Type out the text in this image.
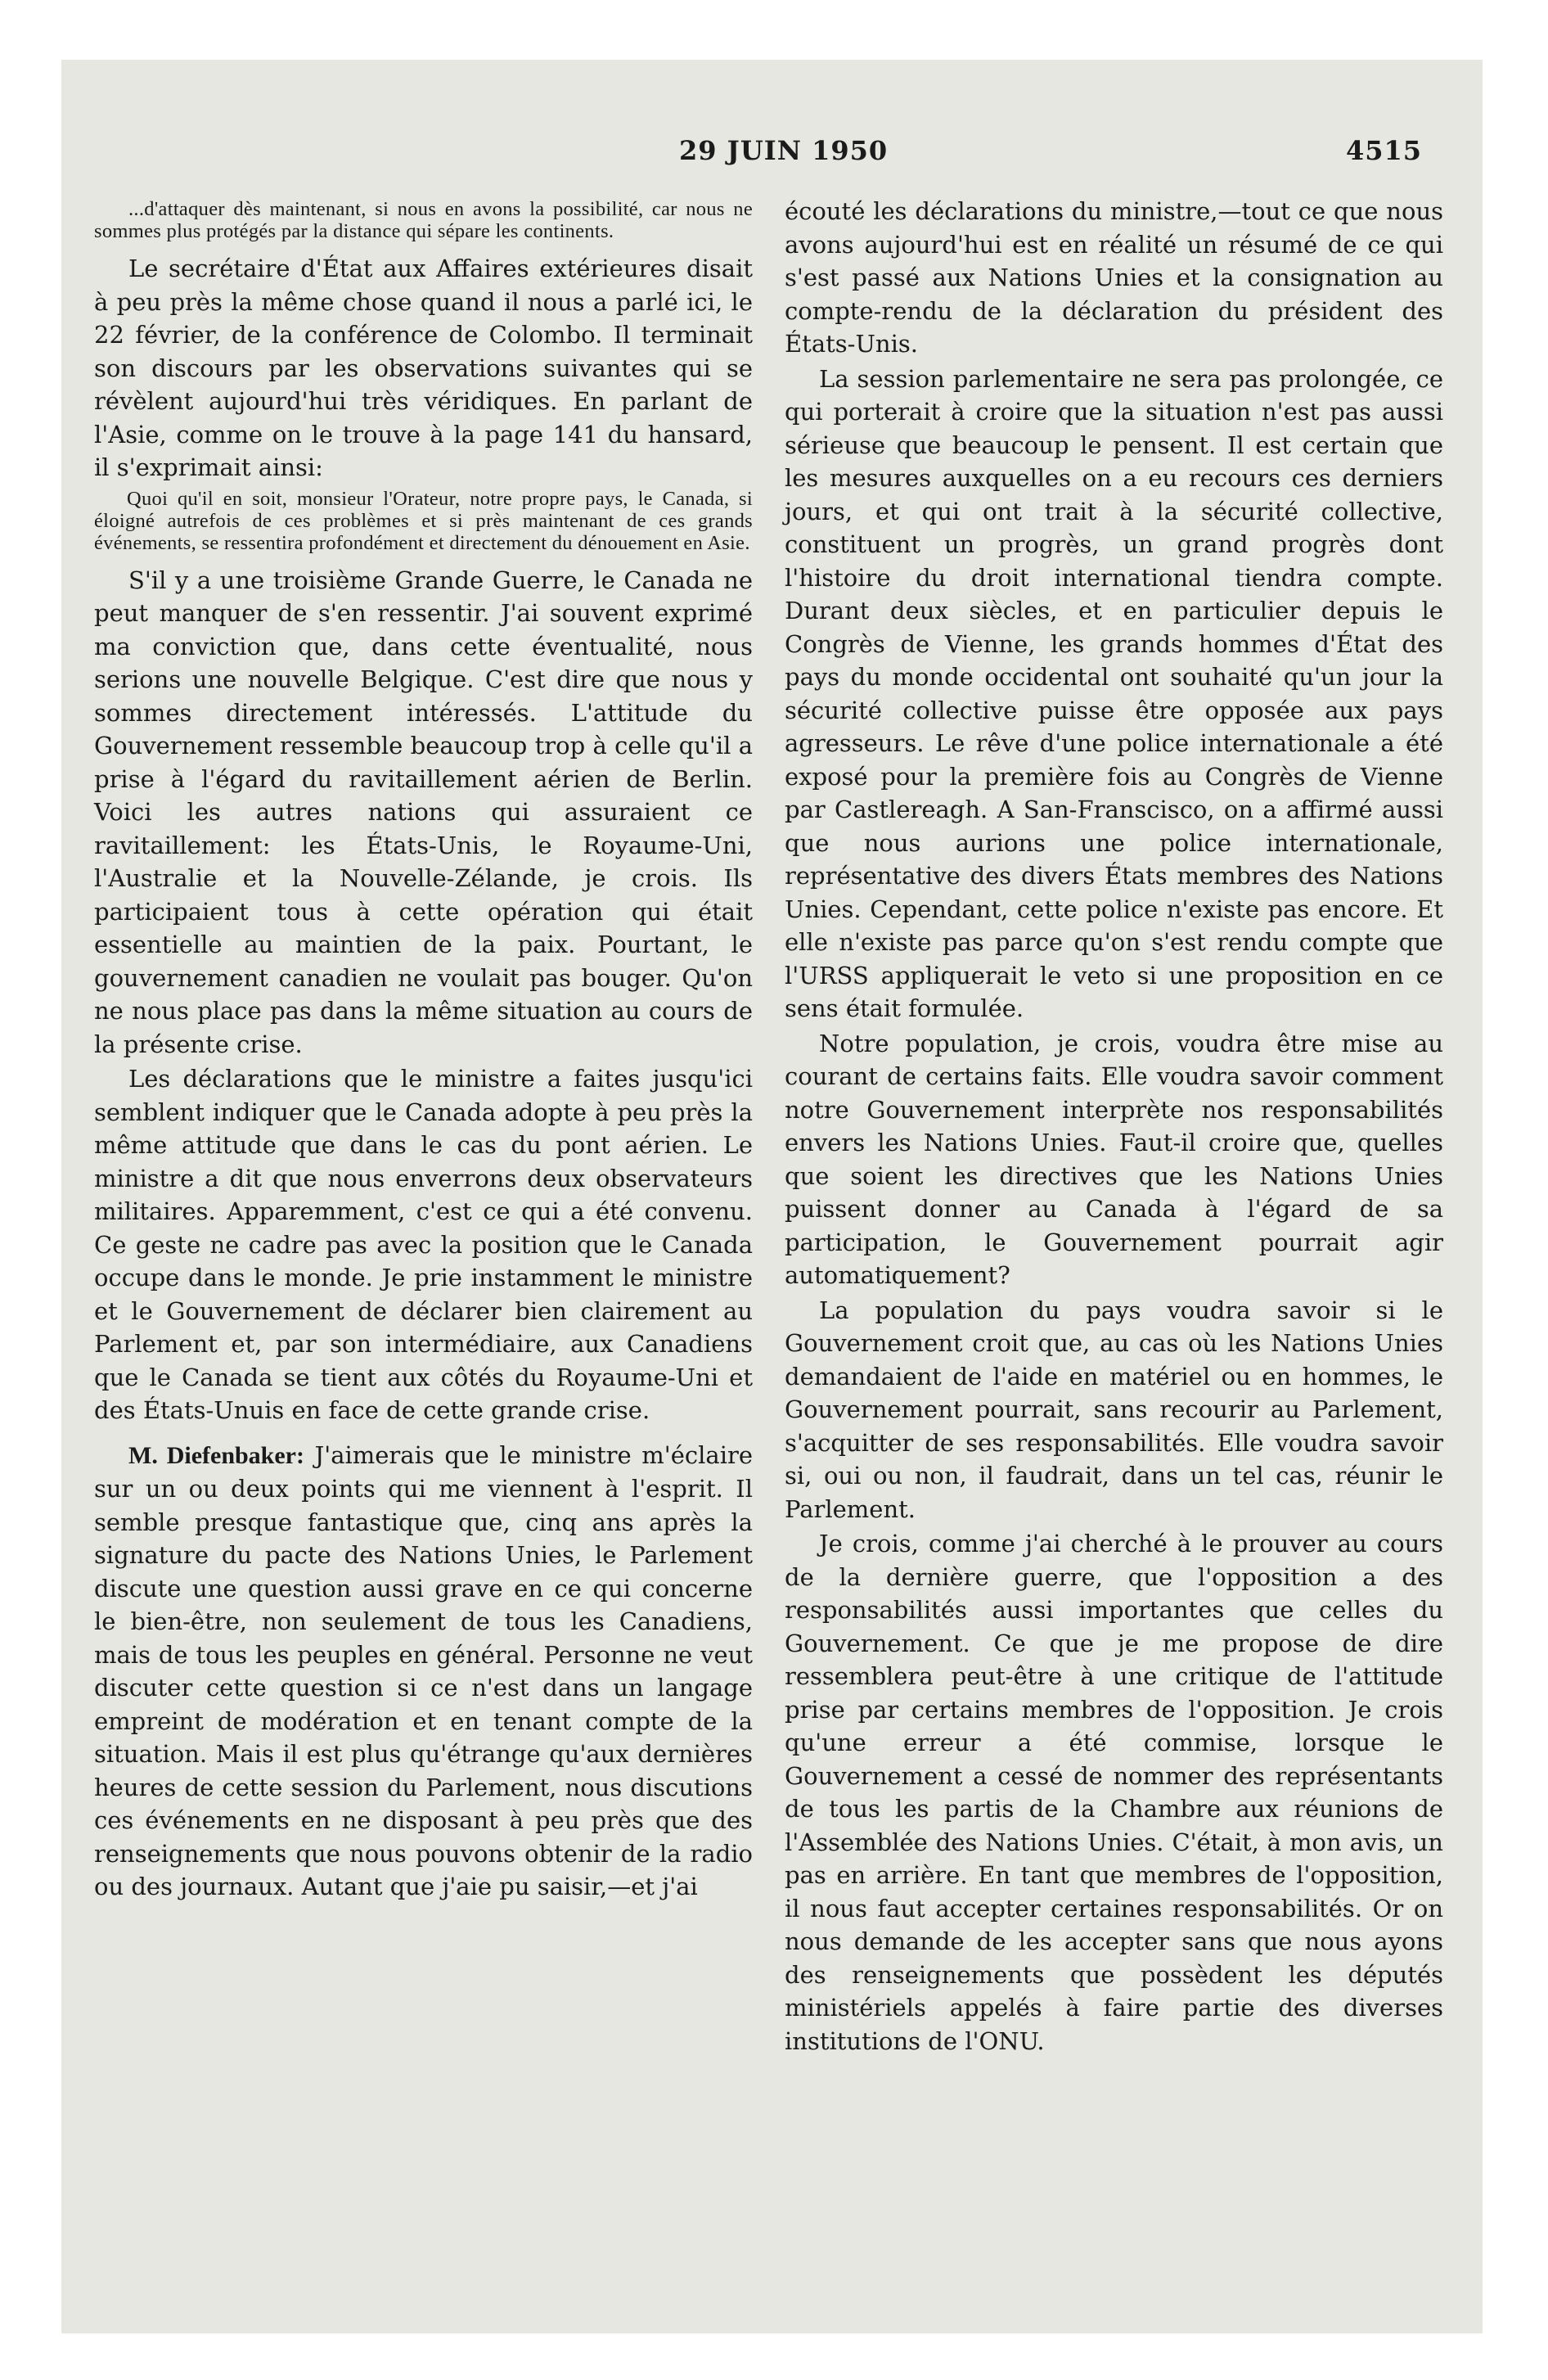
29 JUIN 1950	4515

...d'attaquer dès maintenant, si nous en avons la possibilité, car nous ne sommes plus protégés par la distance qui sépare les continents.

Le secrétaire d'État aux Affaires extérieures disait à peu près la même chose quand il nous a parlé ici, le 22 février, de la conférence de Colombo. Il terminait son discours par les observations suivantes qui se révèlent aujourd'hui très véridiques. En parlant de l'Asie, comme on le trouve à la page 141 du hansard, il s'exprimait ainsi:

Quoi qu'il en soit, monsieur l'Orateur, notre propre pays, le Canada, si éloigné autrefois de ces problèmes et si près maintenant de ces grands événements, se ressentira profondément et directement du dénouement en Asie.

S'il y a une troisième Grande Guerre, le Canada ne peut manquer de s'en ressentir. J'ai souvent exprimé ma conviction que, dans cette éventualité, nous serions une nouvelle Belgique. C'est dire que nous y sommes directement intéressés. L'attitude du Gouvernement ressemble beaucoup trop à celle qu'il a prise à l'égard du ravitaillement aérien de Berlin. Voici les autres nations qui assuraient ce ravitaillement: les États-Unis, le Royaume-Uni, l'Australie et la Nouvelle-Zélande, je crois. Ils participaient tous à cette opération qui était essentielle au maintien de la paix. Pourtant, le gouvernement canadien ne voulait pas bouger. Qu'on ne nous place pas dans la même situation au cours de la présente crise.

Les déclarations que le ministre a faites jusqu'ici semblent indiquer que le Canada adopte à peu près la même attitude que dans le cas du pont aérien. Le ministre a dit que nous enverrons deux observateurs militaires. Apparemment, c'est ce qui a été convenu. Ce geste ne cadre pas avec la position que le Canada occupe dans le monde. Je prie instamment le ministre et le Gouvernement de déclarer bien clairement au Parlement et, par son intermédiaire, aux Canadiens que le Canada se tient aux côtés du Royaume-Uni et des États-Unuis en face de cette grande crise.

M. Diefenbaker: J'aimerais que le ministre m'éclaire sur un ou deux points qui me viennent à l'esprit. Il semble presque fantastique que, cinq ans après la signature du pacte des Nations Unies, le Parlement discute une question aussi grave en ce qui concerne le bien-être, non seulement de tous les Canadiens, mais de tous les peuples en général. Personne ne veut discuter cette question si ce n'est dans un langage empreint de modération et en tenant compte de la situation. Mais il est plus qu'étrange qu'aux dernières heures de cette session du Parlement, nous discutions ces événements en ne disposant à peu près que des renseignements que nous pouvons obtenir de la radio ou des journaux. Autant que j'aie pu saisir,—et j'ai

écouté les déclarations du ministre,—tout ce que nous avons aujourd'hui est en réalité un résumé de ce qui s'est passé aux Nations Unies et la consignation au compte-rendu de la déclaration du président des États-Unis.

La session parlementaire ne sera pas prolongée, ce qui porterait à croire que la situation n'est pas aussi sérieuse que beaucoup le pensent. Il est certain que les mesures auxquelles on a eu recours ces derniers jours, et qui ont trait à la sécurité collective, constituent un progrès, un grand progrès dont l'histoire du droit international tiendra compte. Durant deux siècles, et en particulier depuis le Congrès de Vienne, les grands hommes d'État des pays du monde occidental ont souhaité qu'un jour la sécurité collective puisse être opposée aux pays agresseurs. Le rêve d'une police internationale a été exposé pour la première fois au Congrès de Vienne par Castlereagh. A San-Franscisco, on a affirmé aussi que nous aurions une police internationale, représentative des divers États membres des Nations Unies. Cependant, cette police n'existe pas encore. Et elle n'existe pas parce qu'on s'est rendu compte que l'URSS appliquerait le veto si une proposition en ce sens était formulée.

Notre population, je crois, voudra être mise au courant de certains faits. Elle voudra savoir comment notre Gouvernement interprète nos responsabilités envers les Nations Unies. Faut-il croire que, quelles que soient les directives que les Nations Unies puissent donner au Canada à l'égard de sa participation, le Gouvernement pourrait agir automatiquement?

La population du pays voudra savoir si le Gouvernement croit que, au cas où les Nations Unies demandaient de l'aide en matériel ou en hommes, le Gouvernement pourrait, sans recourir au Parlement, s'acquitter de ses responsabilités. Elle voudra savoir si, oui ou non, il faudrait, dans un tel cas, réunir le Parlement.

Je crois, comme j'ai cherché à le prouver au cours de la dernière guerre, que l'opposition a des responsabilités aussi importantes que celles du Gouvernement. Ce que je me propose de dire ressemblera peut-être à une critique de l'attitude prise par certains membres de l'opposition. Je crois qu'une erreur a été commise, lorsque le Gouvernement a cessé de nommer des représentants de tous les partis de la Chambre aux réunions de l'Assemblée des Nations Unies. C'était, à mon avis, un pas en arrière. En tant que membres de l'opposition, il nous faut accepter certaines responsabilités. Or on nous demande de les accepter sans que nous ayons des renseignements que possèdent les députés ministériels appelés à faire partie des diverses institutions de l'ONU.
